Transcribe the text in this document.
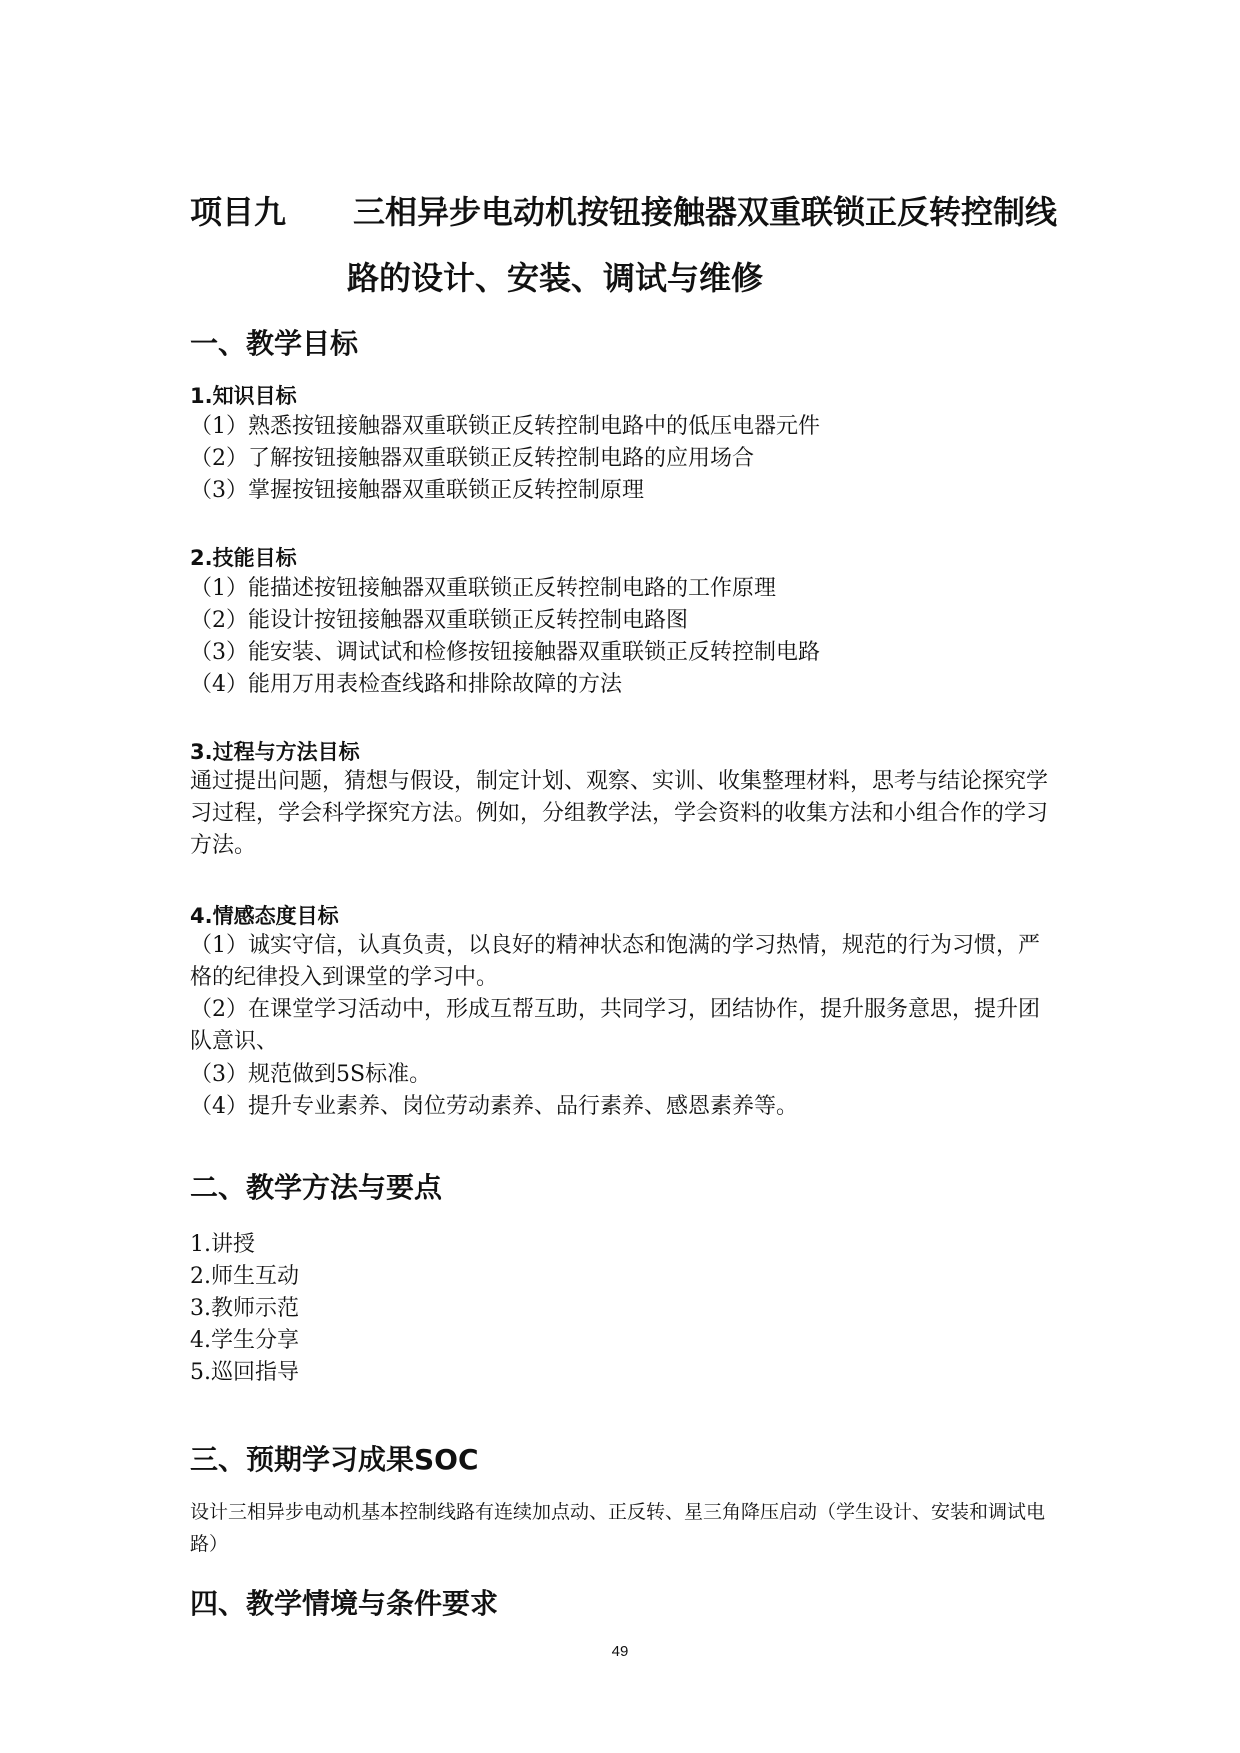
项目九 三相异步电动机按钮接触器双重联锁正反转控制线
路的设计、安装、调试与维修
一、教学目标
1.知识目标
（1）熟悉按钮接触器双重联锁正反转控制电路中的低压电器元件
（2）了解按钮接触器双重联锁正反转控制电路的应用场合
（3）掌握按钮接触器双重联锁正反转控制原理
2.技能目标
（1）能描述按钮接触器双重联锁正反转控制电路的工作原理
（2）能设计按钮接触器双重联锁正反转控制电路图
（3）能安装、调试试和检修按钮接触器双重联锁正反转控制电路
（4）能用万用表检查线路和排除故障的方法
3.过程与方法目标
通过提出问题，猜想与假设，制定计划、观察、实训、收集整理材料，思考与结论探究学习过程，学会科学探究方法。例如，分组教学法，学会资料的收集方法和小组合作的学习方法。
4.情感态度目标
（1）诚实守信，认真负责，以良好的精神状态和饱满的学习热情，规范的行为习惯，严格的纪律投入到课堂的学习中。
（2）在课堂学习活动中，形成互帮互助，共同学习，团结协作，提升服务意思，提升团队意识、
（3）规范做到5S标准。
（4）提升专业素养、岗位劳动素养、品行素养、感恩素养等。
二、教学方法与要点
1.讲授
2.师生互动
3.教师示范
4.学生分享
5.巡回指导
三、预期学习成果SOC
设计三相异步电动机基本控制线路有连续加点动、正反转、星三角降压启动（学生设计、安装和调试电路）
四、教学情境与条件要求
49
